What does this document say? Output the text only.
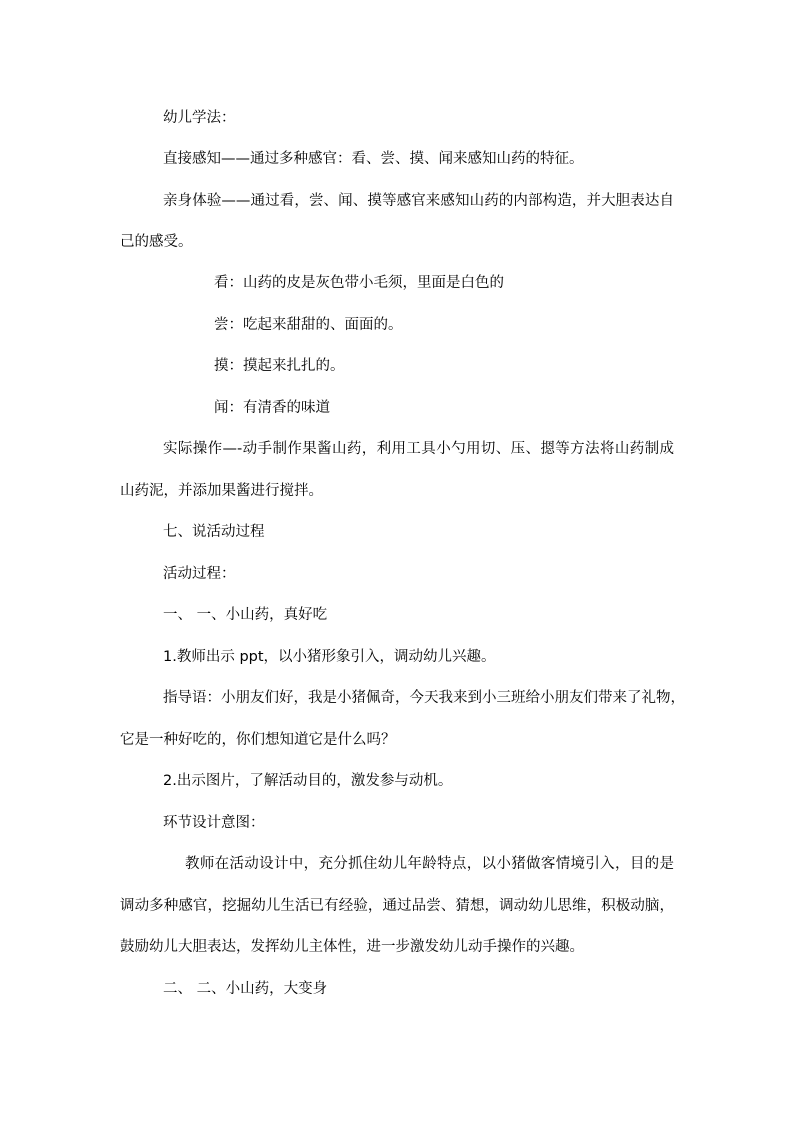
幼儿学法：
直接感知——通过多种感官：看、尝、摸、闻来感知山药的特征。
亲身体验——通过看，尝、闻、摸等感官来感知山药的内部构造，并大胆表达自
己的感受。
看：山药的皮是灰色带小毛须，里面是白色的
尝：吃起来甜甜的、面面的。
摸：摸起来扎扎的。
闻：有清香的味道
实际操作—-动手制作果酱山药，利用工具小勺用切、压、摁等方法将山药制成
山药泥，并添加果酱进行搅拌。
七、说活动过程
活动过程：
一、 一、小山药，真好吃
1.教师出示 ppt，以小猪形象引入，调动幼儿兴趣。
指导语：小朋友们好，我是小猪佩奇，今天我来到小三班给小朋友们带来了礼物，
它是一种好吃的，你们想知道它是什么吗？
2.出示图片，了解活动目的，激发参与动机。
环节设计意图：
教师在活动设计中，充分抓住幼儿年龄特点，以小猪做客情境引入，目的是
调动多种感官，挖掘幼儿生活已有经验，通过品尝、猜想，调动幼儿思维，积极动脑，
鼓励幼儿大胆表达，发挥幼儿主体性，进一步激发幼儿动手操作的兴趣。
二、 二、小山药，大变身
